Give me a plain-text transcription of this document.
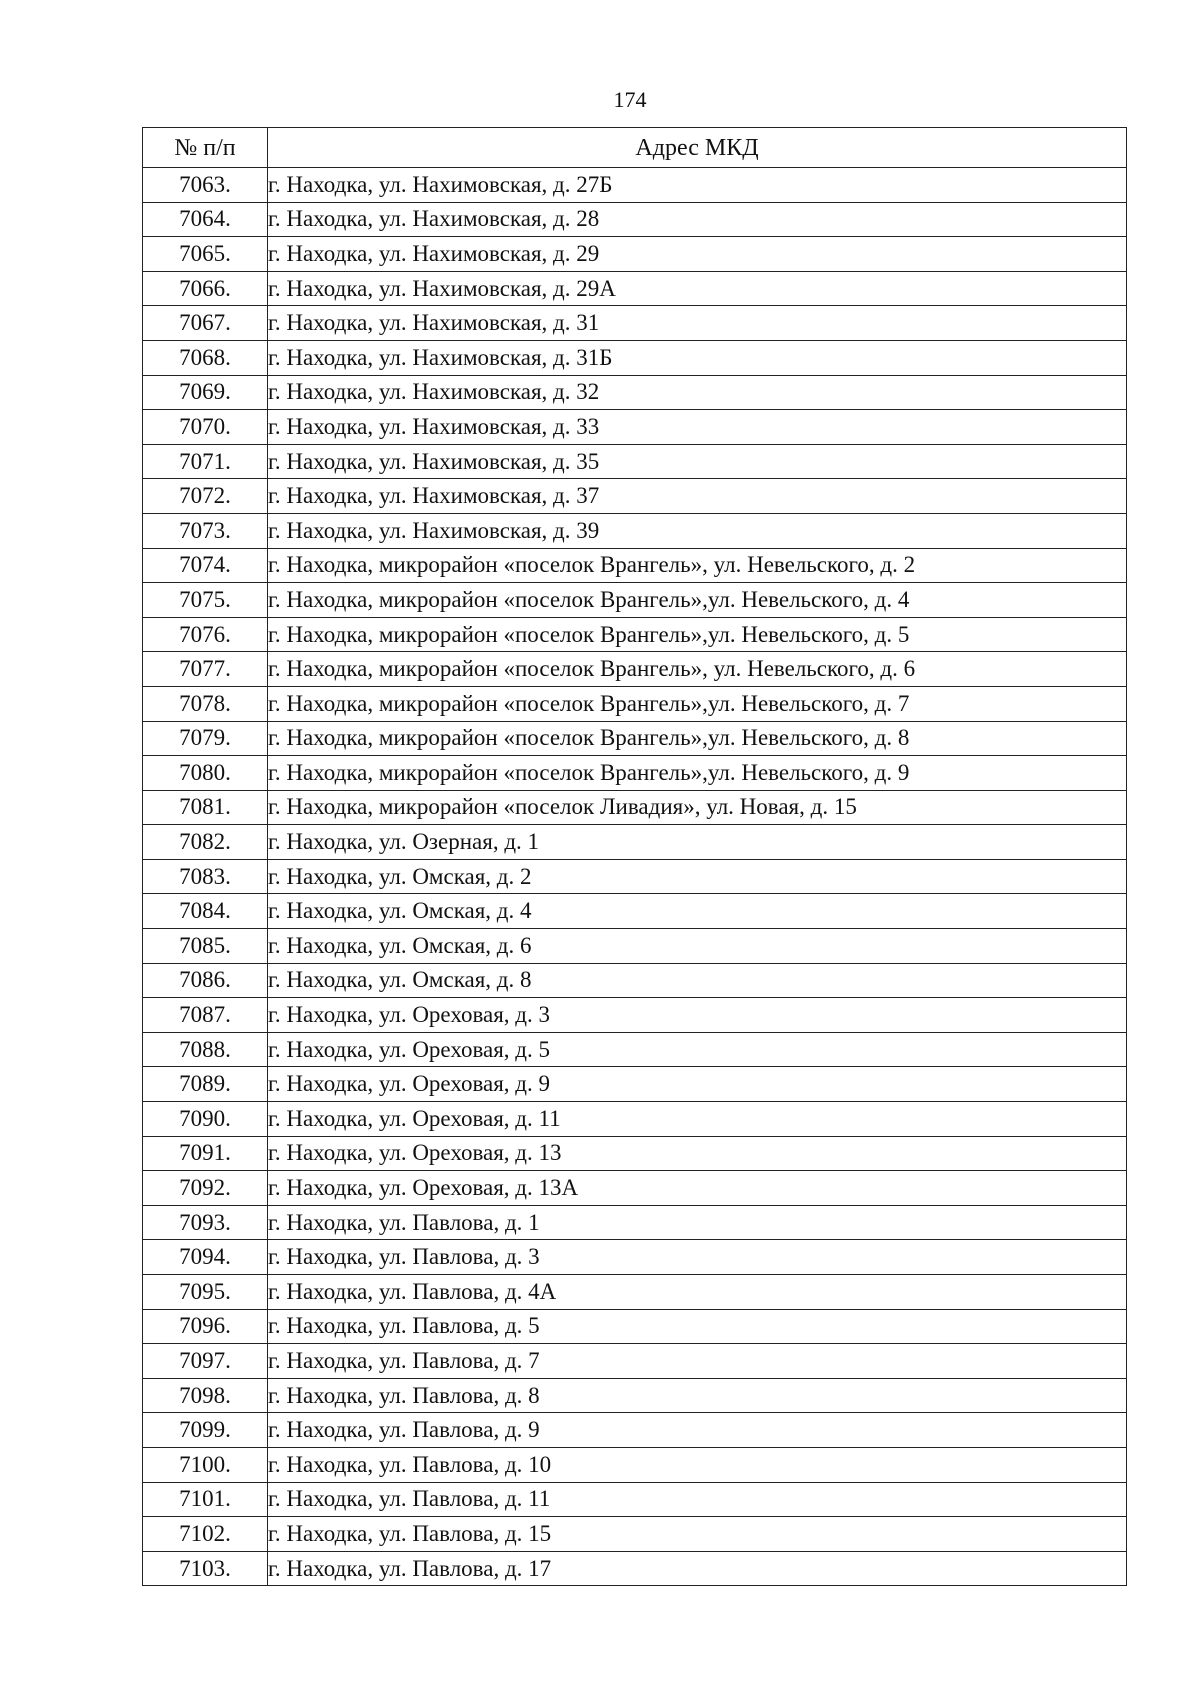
174
№ п/п	Адрес МКД
7063.	г. Находка, ул. Нахимовская, д. 27Б
7064.	г. Находка, ул. Нахимовская, д. 28
7065.	г. Находка, ул. Нахимовская, д. 29
7066.	г. Находка, ул. Нахимовская, д. 29А
7067.	г. Находка, ул. Нахимовская, д. 31
7068.	г. Находка, ул. Нахимовская, д. 31Б
7069.	г. Находка, ул. Нахимовская, д. 32
7070.	г. Находка, ул. Нахимовская, д. 33
7071.	г. Находка, ул. Нахимовская, д. 35
7072.	г. Находка, ул. Нахимовская, д. 37
7073.	г. Находка, ул. Нахимовская, д. 39
7074.	г. Находка, микрорайон «поселок Врангель», ул. Невельского, д. 2
7075.	г. Находка, микрорайон «поселок Врангель»,ул. Невельского, д. 4
7076.	г. Находка, микрорайон «поселок Врангель»,ул. Невельского, д. 5
7077.	г. Находка, микрорайон «поселок Врангель», ул. Невельского, д. 6
7078.	г. Находка, микрорайон «поселок Врангель»,ул. Невельского, д. 7
7079.	г. Находка, микрорайон «поселок Врангель»,ул. Невельского, д. 8
7080.	г. Находка, микрорайон «поселок Врангель»,ул. Невельского, д. 9
7081.	г. Находка, микрорайон «поселок Ливадия», ул. Новая, д. 15
7082.	г. Находка, ул. Озерная, д. 1
7083.	г. Находка, ул. Омская, д. 2
7084.	г. Находка, ул. Омская, д. 4
7085.	г. Находка, ул. Омская, д. 6
7086.	г. Находка, ул. Омская, д. 8
7087.	г. Находка, ул. Ореховая, д. 3
7088.	г. Находка, ул. Ореховая, д. 5
7089.	г. Находка, ул. Ореховая, д. 9
7090.	г. Находка, ул. Ореховая, д. 11
7091.	г. Находка, ул. Ореховая, д. 13
7092.	г. Находка, ул. Ореховая, д. 13А
7093.	г. Находка, ул. Павлова, д. 1
7094.	г. Находка, ул. Павлова, д. 3
7095.	г. Находка, ул. Павлова, д. 4А
7096.	г. Находка, ул. Павлова, д. 5
7097.	г. Находка, ул. Павлова, д. 7
7098.	г. Находка, ул. Павлова, д. 8
7099.	г. Находка, ул. Павлова, д. 9
7100.	г. Находка, ул. Павлова, д. 10
7101.	г. Находка, ул. Павлова, д. 11
7102.	г. Находка, ул. Павлова, д. 15
7103.	г. Находка, ул. Павлова, д. 17
